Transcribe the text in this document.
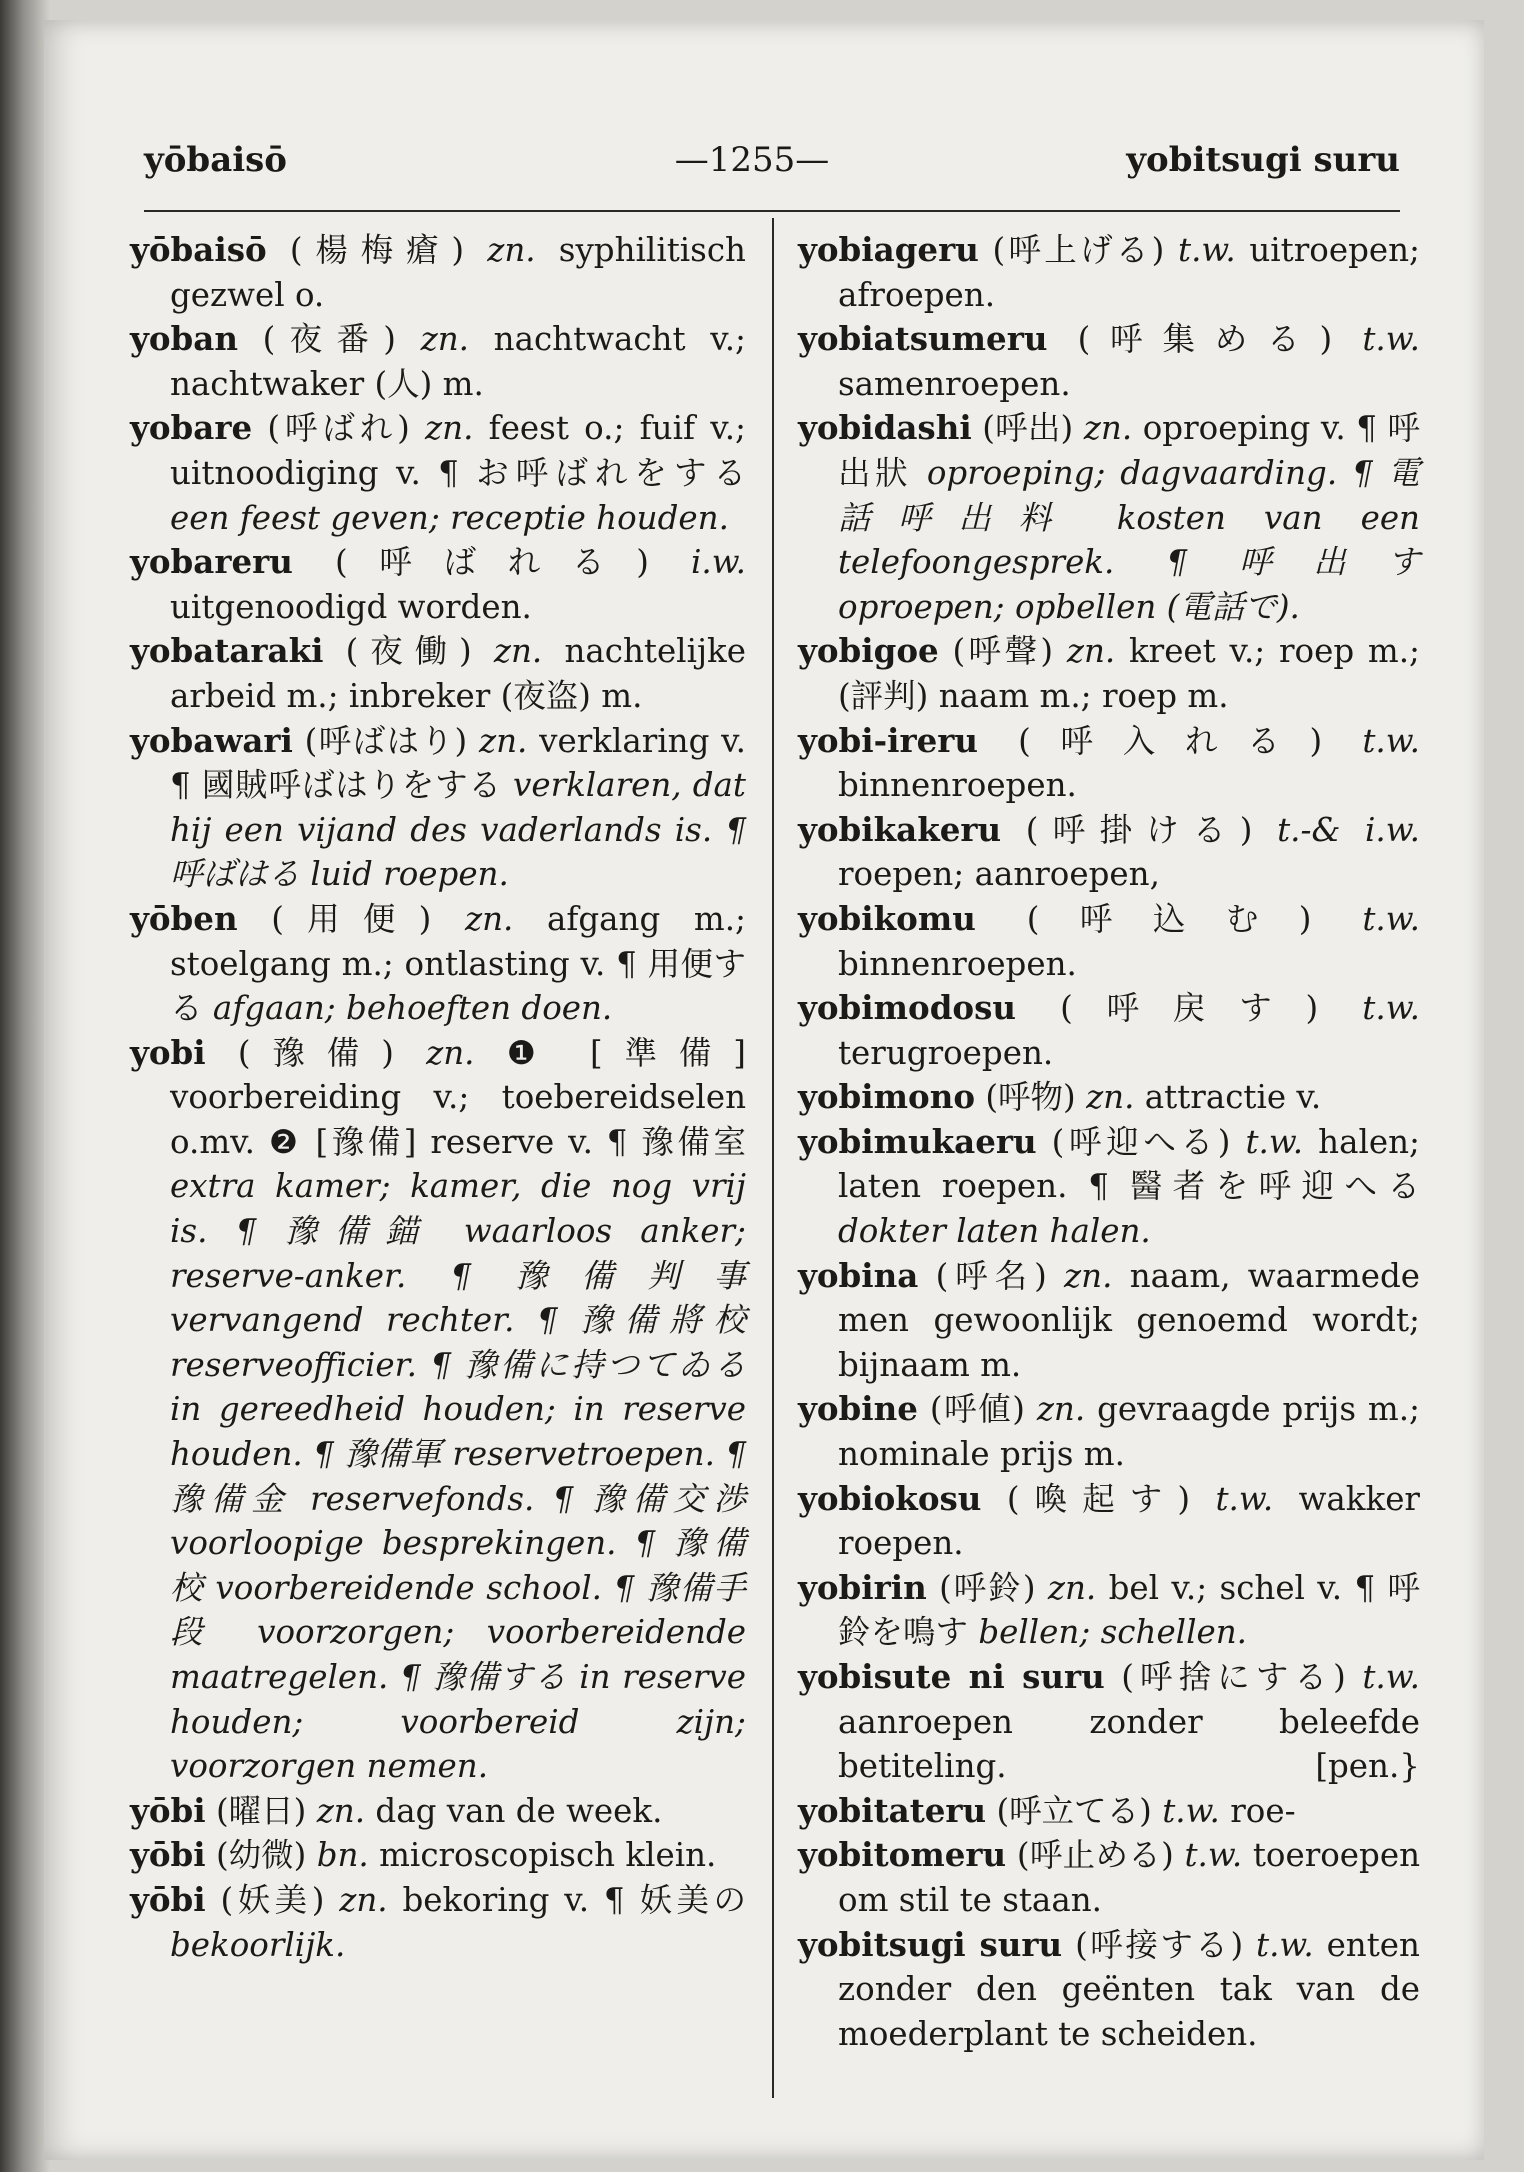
yōbaisō	—1255—	yobitsugi suru

yōbaisō (楊梅瘡) zn. syphilitisch gezwel o.

yoban (夜番) zn. nachtwacht v.; nachtwaker (人) m.

yobare (呼ばれ) zn. feest o.; fuif v.; uitnoodiging v. ¶ お呼ばれをする een feest geven; receptie houden.

yobareru (呼ばれる) i.w. uitgenoodigd worden.

yobataraki (夜働) zn. nachtelijke arbeid m.; inbreker (夜盗) m.

yobawari (呼ばはり) zn. verklaring v. ¶ 國賊呼ばはりをする verklaren, dat hij een vijand des vaderlands is. ¶ 呼ばはる luid roepen.

yōben (用便) zn. afgang m.; stoelgang m.; ontlasting v. ¶ 用便する afgaan; behoeften doen.

yobi (豫備) zn. ❶ [準備] voorbereiding v.; toebereidselen o.mv. ❷ [豫備] reserve v. ¶ 豫備室 extra kamer; kamer, die nog vrij is. ¶ 豫備錨 waarloos anker; reserve-anker. ¶ 豫備判事 vervangend rechter. ¶ 豫備將校 reserveofficier. ¶ 豫備に持つてゐる in gereedheid houden; in reserve houden. ¶ 豫備軍 reservetroepen. ¶ 豫備金 reservefonds. ¶ 豫備交渉 voorloopige besprekingen. ¶ 豫備校 voorbereidende school. ¶ 豫備手段 voorzorgen; voorbereidende maatregelen. ¶ 豫備する in reserve houden; voorbereid zijn; voorzorgen nemen.

yōbi (曜日) zn. dag van de week.

yōbi (幼微) bn. microscopisch klein.

yōbi (妖美) zn. bekoring v. ¶ 妖美の bekoorlijk.

yobiageru (呼上げる) t.w. uitroepen; afroepen.

yobiatsumeru (呼集める) t.w. samenroepen.

yobidashi (呼出) zn. oproeping v. ¶ 呼出狀 oproeping; dagvaarding. ¶ 電話呼出料 kosten van een telefoongesprek. ¶ 呼出す oproepen; opbellen (電話で).

yobigoe (呼聲) zn. kreet v.; roep m.; (評判) naam m.; roep m.

yobi-ireru (呼入れる) t.w. binnenroepen.

yobikakeru (呼掛ける) t.-& i.w. roepen; aanroepen,

yobikomu (呼込む) t.w. binnenroepen.

yobimodosu (呼戻す) t.w. terugroepen.

yobimono (呼物) zn. attractie v.

yobimukaeru (呼迎へる) t.w. halen; laten roepen. ¶ 醫者を呼迎へる dokter laten halen.

yobina (呼名) zn. naam, waarmede men gewoonlijk genoemd wordt; bijnaam m.

yobine (呼値) zn. gevraagde prijs m.; nominale prijs m.

yobiokosu (喚起す) t.w. wakker roepen.

yobirin (呼鈴) zn. bel v.; schel v. ¶ 呼鈴を鳴す bellen; schellen.

yobisute ni suru (呼捨にする) t.w. aanroepen zonder beleefde betiteling.	[pen.}

yobitateru (呼立てる) t.w. roe-

yobitomeru (呼止める) t.w. toeroepen om stil te staan.

yobitsugi suru (呼接する) t.w. enten zonder den geënten tak van de moederplant te scheiden.
